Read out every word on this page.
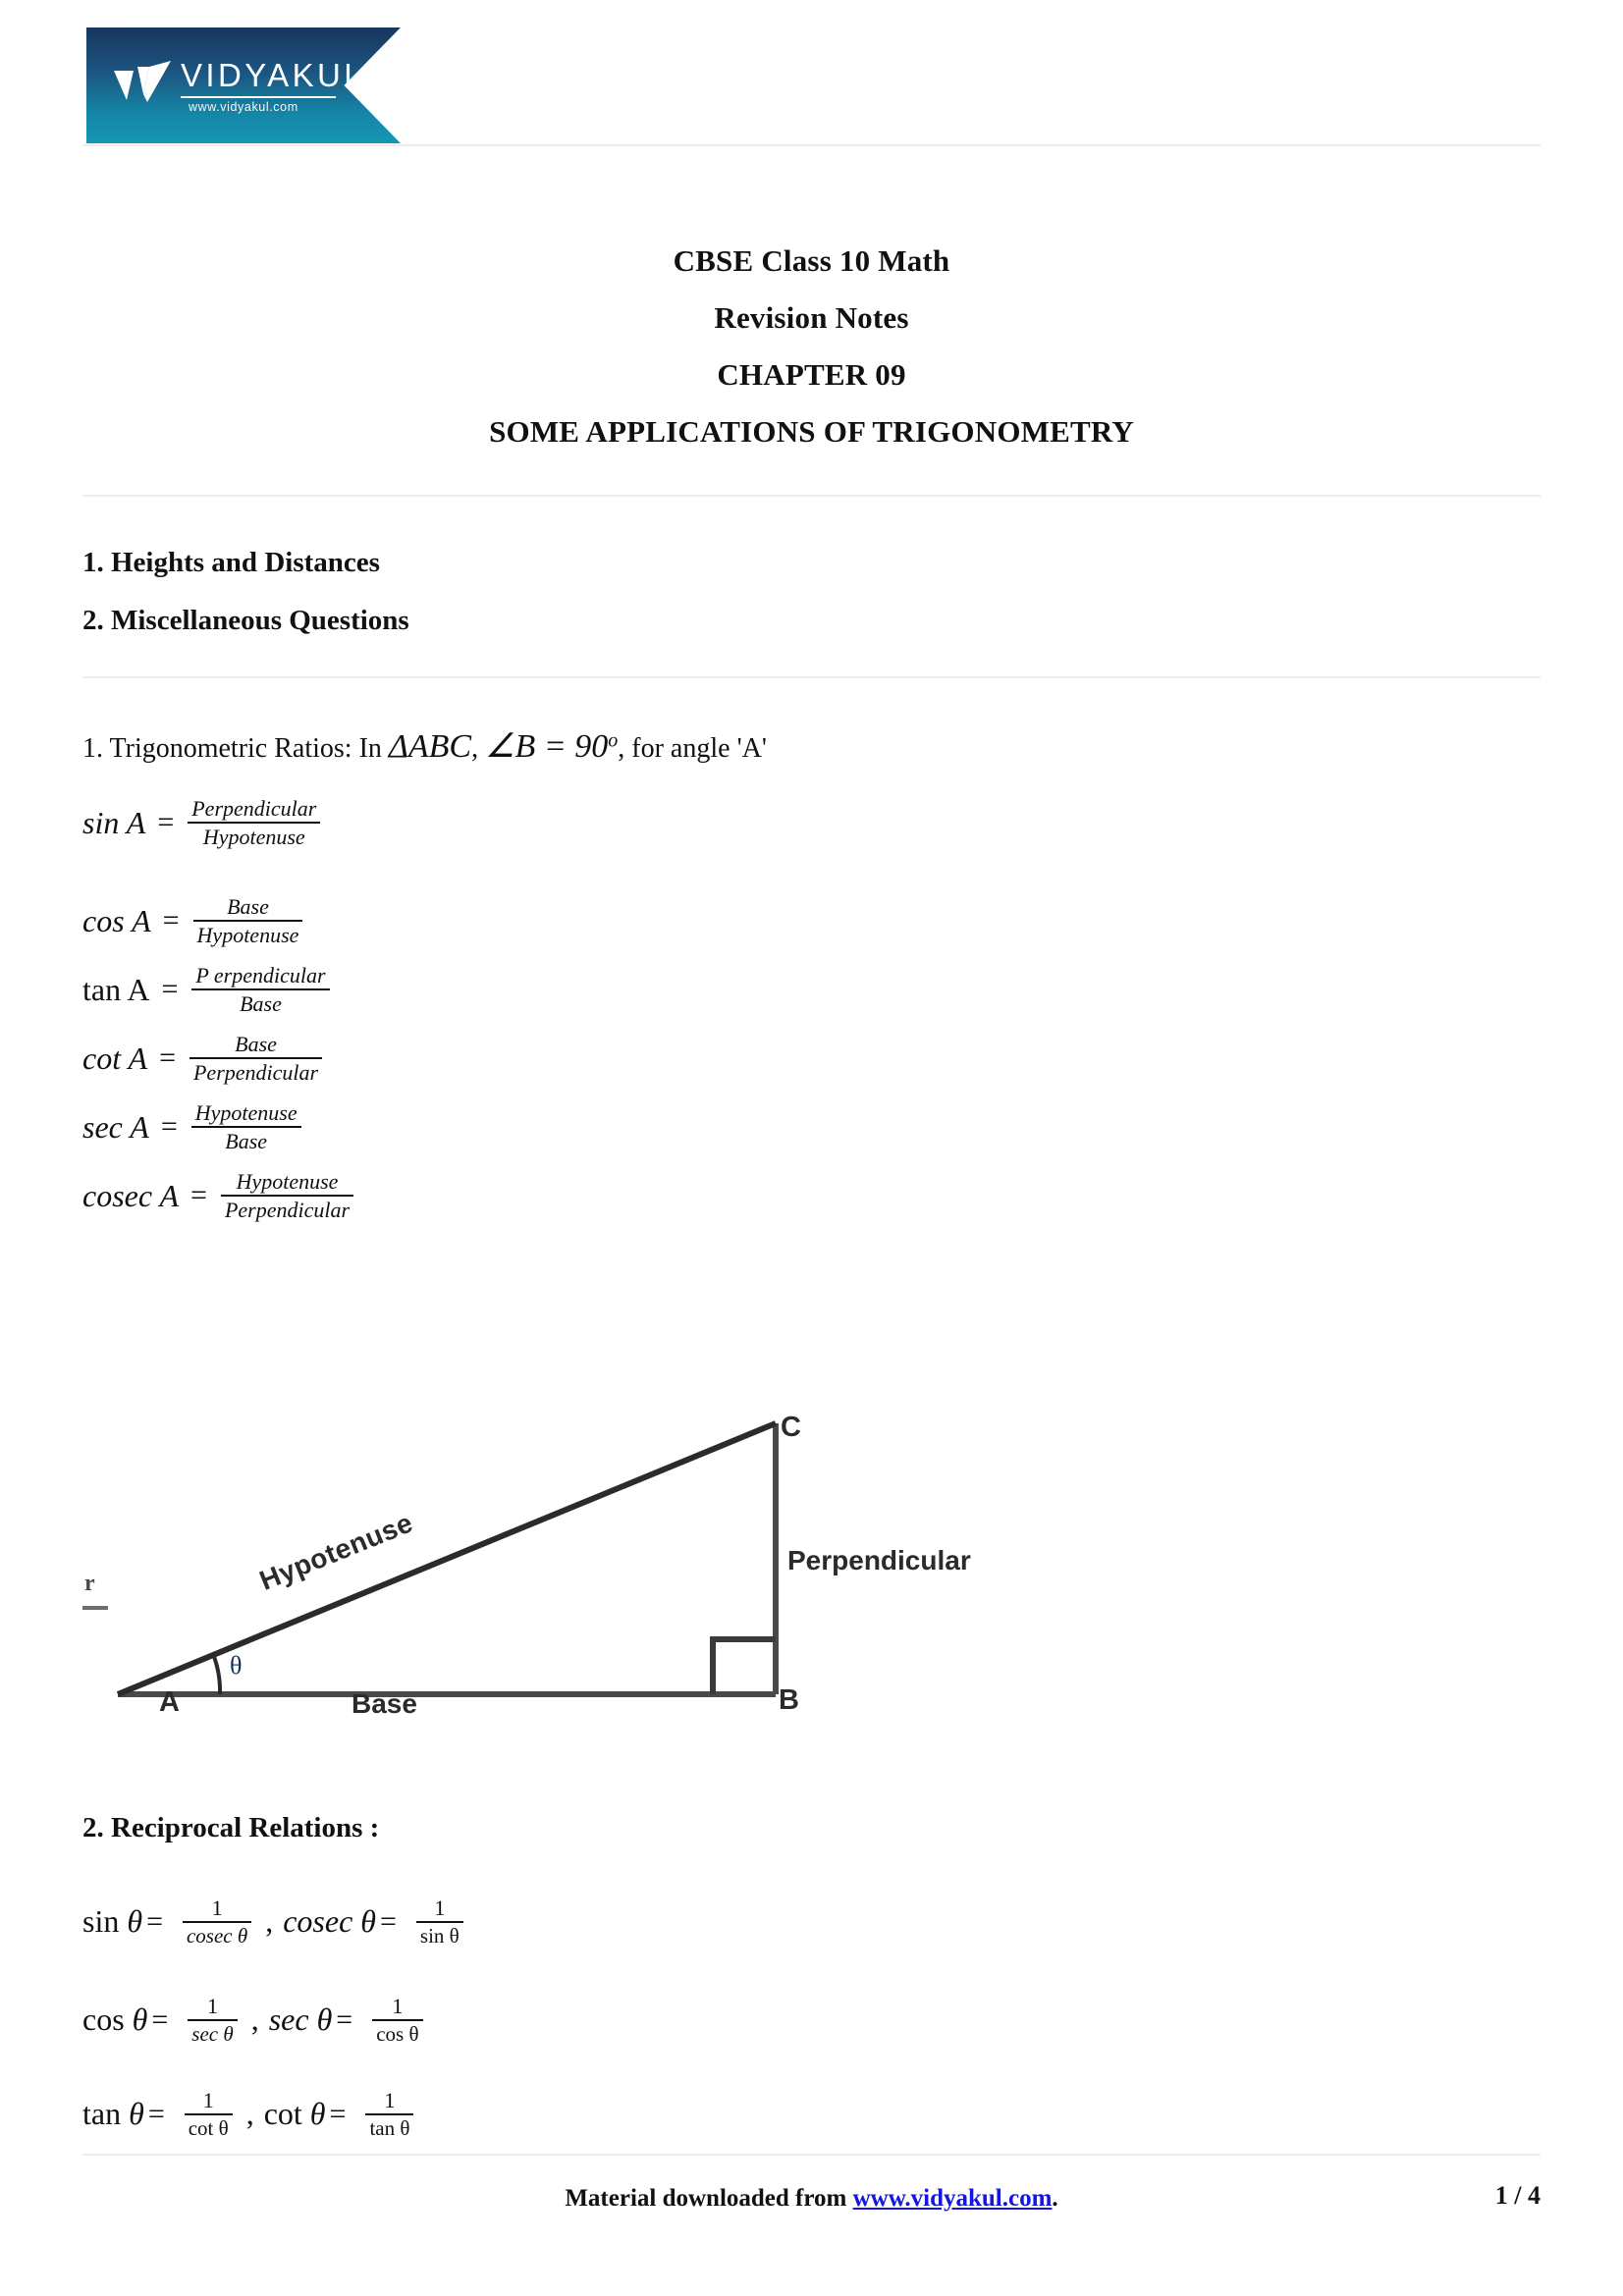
VIDYAKUL
www.vidyakul.com
CBSE Class 10 Math
Revision Notes
CHAPTER 09
SOME APPLICATIONS OF TRIGONOMETRY
1. Heights and Distances
2. Miscellaneous Questions
1. Trigonometric Ratios: In ΔABC, ∠B = $90^o$, for angle 'A'
$\sin A = \frac{\text{Perpendicular}}{\text{Hypotenuse}}$
$\cos A = \frac{\text{Base}}{\text{Hypotenuse}}$
$\tan A = \frac{\text{P erpendicular}}{\text{Base}}$
$\cot A = \frac{\text{Base}}{\text{Perpendicular}}$
$\sec A = \frac{\text{Hypotenuse}}{\text{Base}}$
cosec $A = \frac{\text{Hypotenuse}}{\text{Perpendicular}}$
r
A	B
C
Base
Perpendicular
Hypotenuse
θ
2. Reciprocal Relations :
$\sin \theta = \frac{1}{\text{cosec θ}}$ , cosec $\theta = \frac{1}{\text{sin θ}}$
$\cos \theta = \frac{1}{\text{sec θ}}$ , $\sec \theta = \frac{1}{\text{cos θ}}$
$\tan \theta = \frac{1}{\text{cot θ}}$ , $\cot \theta = \frac{1}{\text{tan θ}}$
Material downloaded from www.vidyakul.com.	1 / 4
